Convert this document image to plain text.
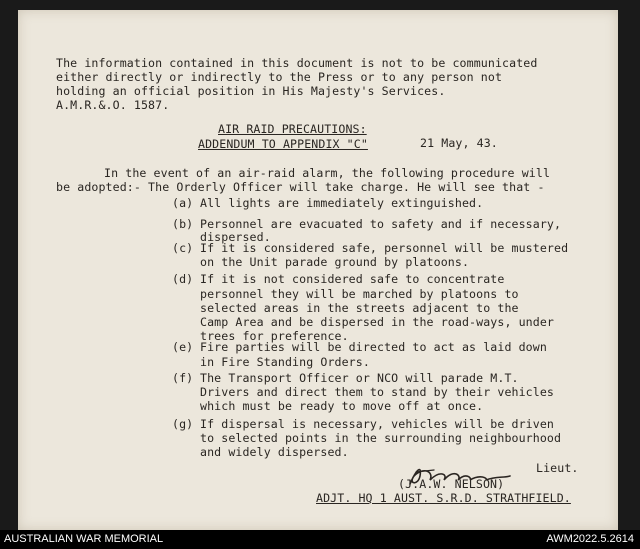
The information contained in this document is not to be communicated
either directly or indirectly to the Press or to any person not
holding an official position in His Majesty's Services.
A.M.R.&.O. 1587.
AIR RAID PRECAUTIONS:
ADDENDUM TO APPENDIX "C"	21 May, 43.
In the event of an air-raid alarm, the following procedure will
be adopted:- The Orderly Officer will take charge. He will see that -
(a) All lights are immediately extinguished.
(b) Personnel are evacuated to safety and if necessary,
dispersed.
(c) If it is considered safe, personnel will be mustered
on the Unit parade ground by platoons.
(d) If it is not considered safe to concentrate
personnel they will be marched by platoons to
selected areas in the streets adjacent to the
Camp Area and be dispersed in the road-ways, under
trees for preference.
(e) Fire parties will be directed to act as laid down
in Fire Standing Orders.
(f) The Transport Officer or NCO will parade M.T.
Drivers and direct them to stand by their vehicles
which must be ready to move off at once.
(g) If dispersal is necessary, vehicles will be driven
to selected points in the surrounding neighbourhood
and widely dispersed.
Lieut.
(J.A.W. NELSON)
ADJT. HQ 1 AUST. S.R.D. STRATHFIELD.
AUSTRALIAN WAR MEMORIAL	AWM2022.5.2614
